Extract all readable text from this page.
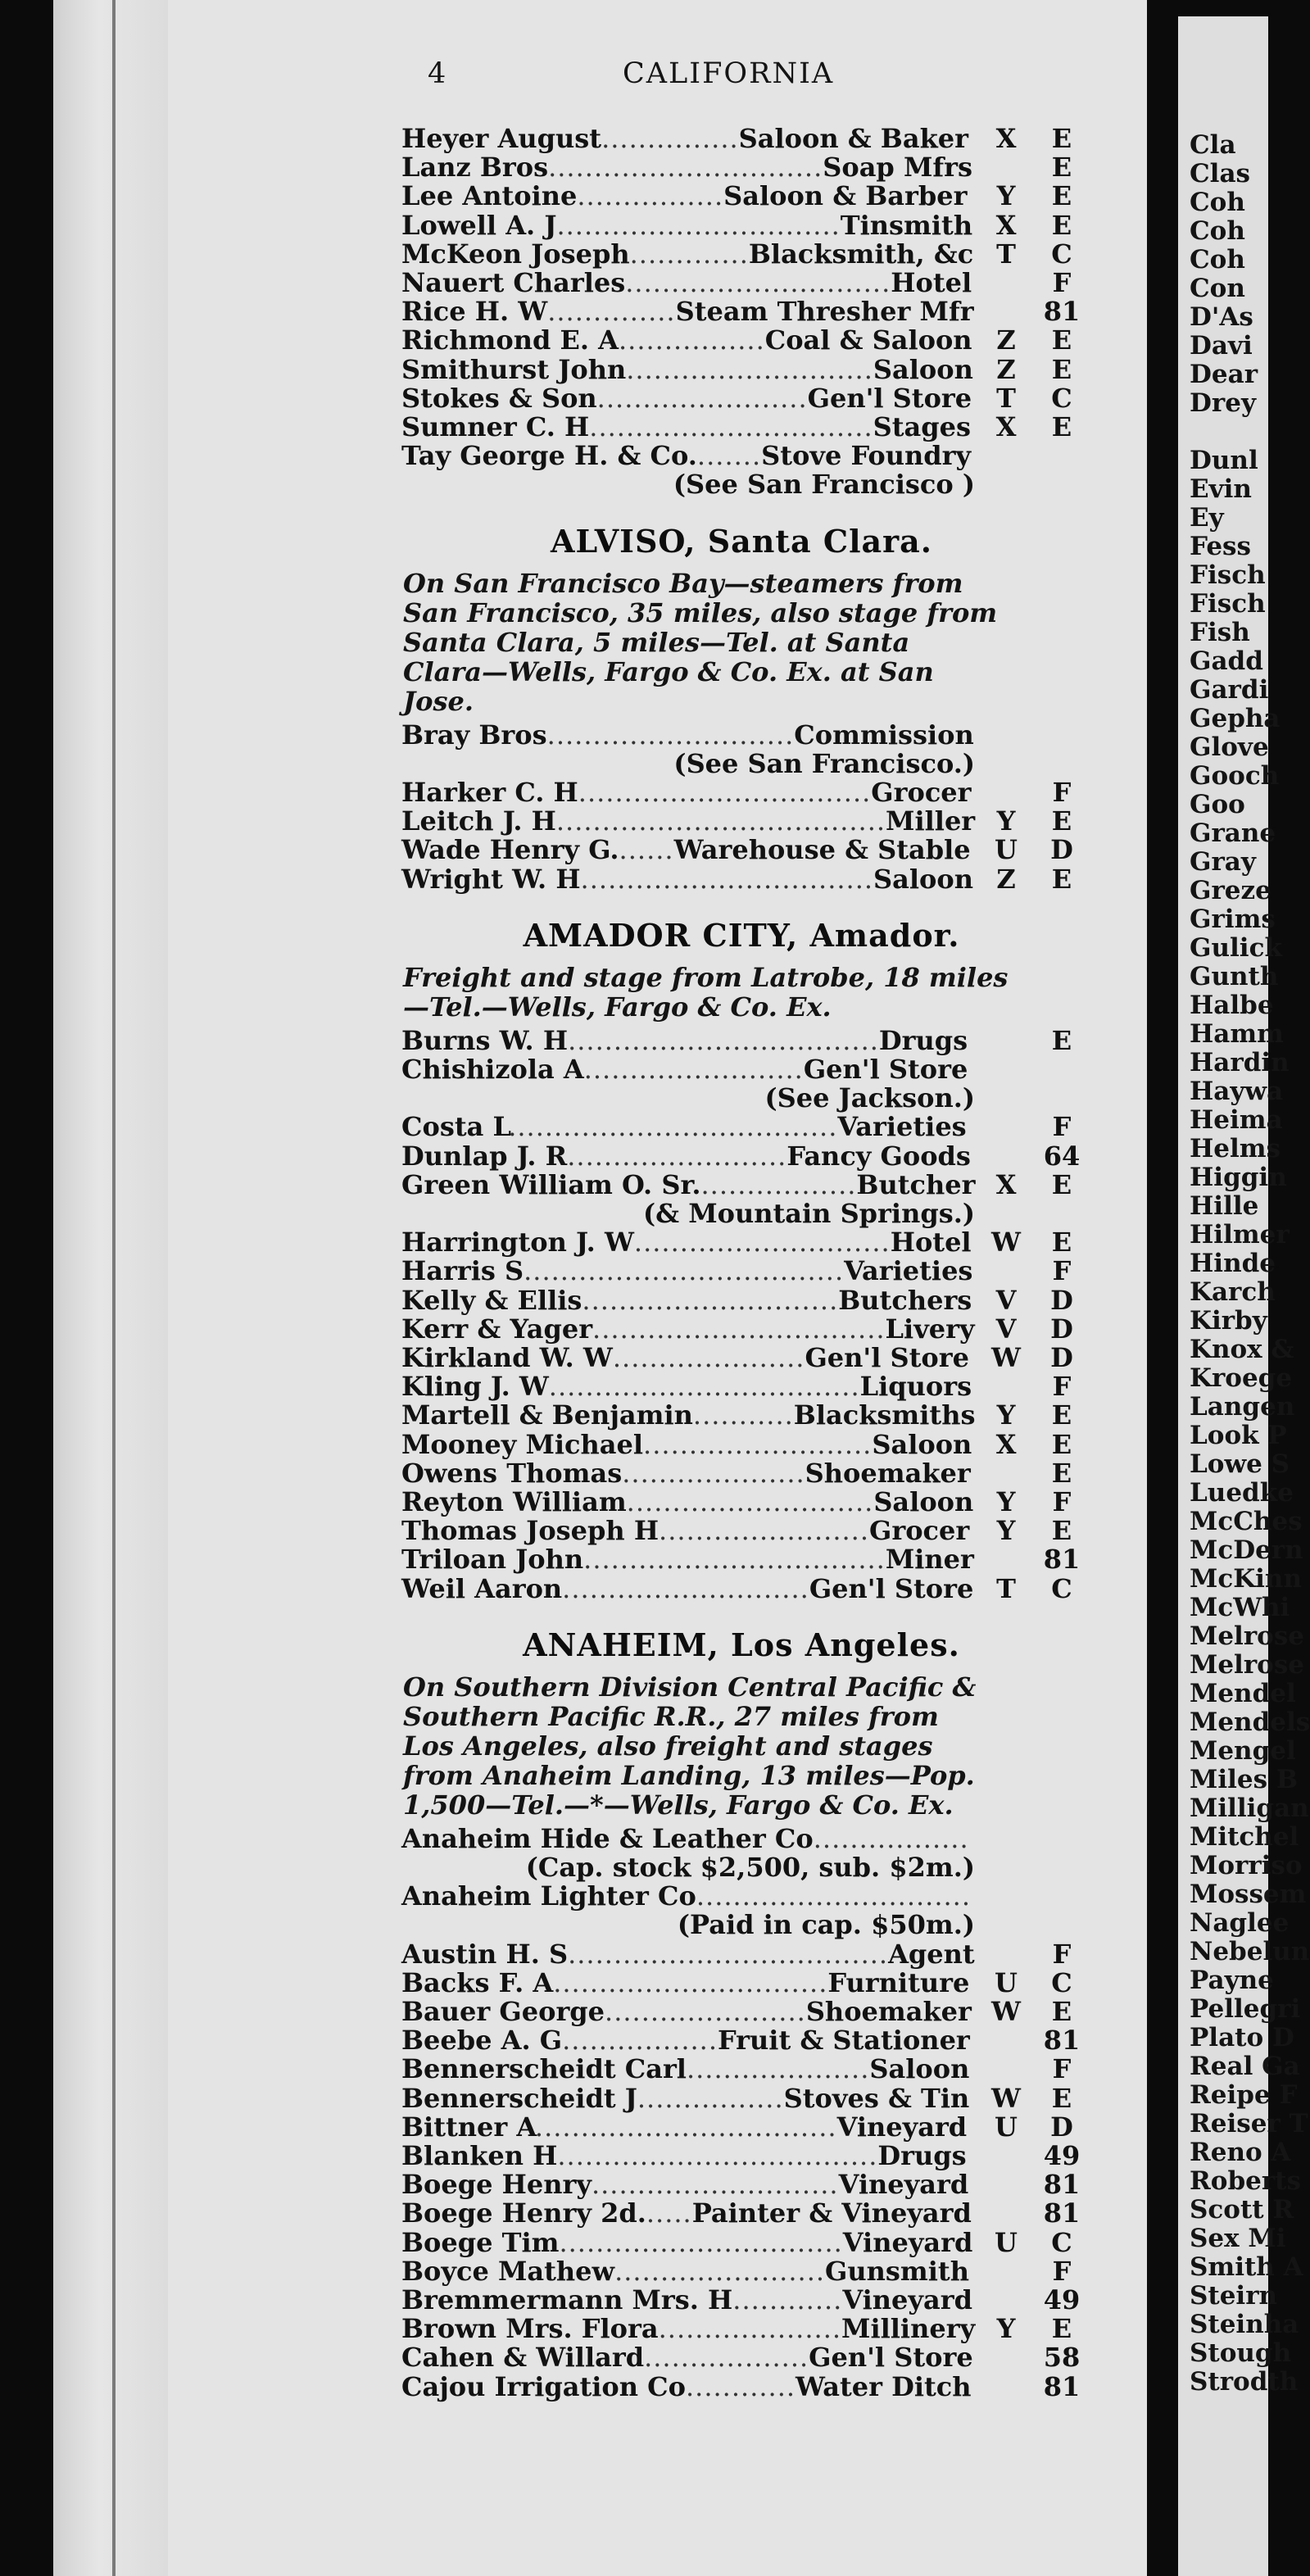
Cla
Clas
Coh
Coh
Coh
Con
D'As
Davi
Dear
Drey
Dunl
Evin
Ey
Fess
Fisch
Fisch
Fish
Gadd
Gardi
Gepha
Glove
Gooch
Goo
Grane
Gray
Greze
Grims
Gulick
Gunth
Halbe
Hamm
Hardin
Haywa
Heima
Helms
Higgin
Hille
Hilmer
Hinde
Karch
Kirby
Knox &
Kroege
Langen
Look P
Lowe S
Luedke
McChes
McDern
McKinn
McWhi
Melrose
Melrose
Mendel
Mendels
Mengel
Miles B
Milligan
Mitchel
Morriso
Mossem
Naglee
Nebelun
Payne
Pellegri
Plato D
Real Ga
Reipe F
Reiser T
Reno A
Roberts
Scott R
Sex Mi
Smith A
Steirn
Steinha
Stough
Strodth
4	CALIFORNIA
Heyer August...............Saloon & Baker X	E
Lanz Bros..............................Soap Mfrs	E
Lee Antoine................Saloon & Barber Y	E
Lowell A. J...............................Tinsmith X	E
McKeon Joseph.............Blacksmith, &c T	C
Nauert Charles.............................Hotel	F
Rice H. W..............Steam Thresher Mfr	81
Richmond E. A................Coal & Saloon Z	E
Smithurst John...........................Saloon Z	E
Stokes & Son.......................Gen'l Store T	C
Sumner C. H...............................Stages X	E
Tay George H. & Co........Stove Foundry
(See San Francisco )
ALVISO, Santa Clara.

On San Francisco Bay—steamers from

San Francisco, 35 miles, also stage from

Santa Clara, 5 miles—Tel. at Santa

Clara—Wells, Fargo & Co. Ex. at San

Jose.

Bray Bros...........................Commission
(See San Francisco.)
Harker C. H................................Grocer	F
Leitch J. H....................................Miller Y	E
Wade Henry G.......Warehouse & Stable U	D
Wright W. H................................Saloon Z	E
AMADOR CITY, Amador.

Freight and stage from Latrobe, 18 miles

—Tel.—Wells, Fargo & Co. Ex.

Burns W. H..................................Drugs	E
Chishizola A........................Gen'l Store
(See Jackson.)
Costa L....................................Varieties	F
Dunlap J. R........................Fancy Goods	64
Green William O. Sr..................Butcher X	E
(& Mountain Springs.)
Harrington J. W............................Hotel W	E
Harris S...................................Varieties	F
Kelly & Ellis............................Butchers V	D
Kerr & Yager................................Livery V	D
Kirkland W. W.....................Gen'l Store W	D
Kling J. W..................................Liquors	F
Martell & Benjamin...........Blacksmiths Y	E
Mooney Michael.........................Saloon X	E
Owens Thomas....................Shoemaker	E
Reyton William...........................Saloon Y	F
Thomas Joseph H.......................Grocer Y	E
Trilоan John.................................Miner	81
Weil Aaron...........................Gen'l Store T	C
ANAHEIM, Los Angeles.

On Southern Division Central Pacific &

Southern Pacific R.R., 27 miles from

Los Angeles, also freight and stages

from Anaheim Landing, 13 miles—Pop.

1,500—Tel.—*—Wells, Fargo & Co. Ex.

Anaheim Hide & Leather Co.................
(Cap. stock $2,500, sub. $2m.)
Anaheim Lighter Co..............................
(Paid in cap. $50m.)
Austin H. S...................................Agent	F
Backs F. A..............................Furniture U	C
Bauer George......................Shoemaker W	E
Beebe A. G.................Fruit & Stationer	81
Bennerscheidt Carl....................Saloon	F
Bennerscheidt J................Stoves & Tin W	E
Bittner A.................................Vineyard	U	D
Blanken H...................................Drugs	49
Boege Henry...........................Vineyard	81
Boege Henry 2d......Painter & Vineyard	81
Boege Tim...............................Vineyard U	C
Boyce Mathew.......................Gunsmith	F
Bremmermann Mrs. H............Vineyard	49
Brown Mrs. Flora....................Millinery Y	E
Cahen & Willard..................Gen'l Store	58
Cajou Irrigation Co............Water Ditch	81
